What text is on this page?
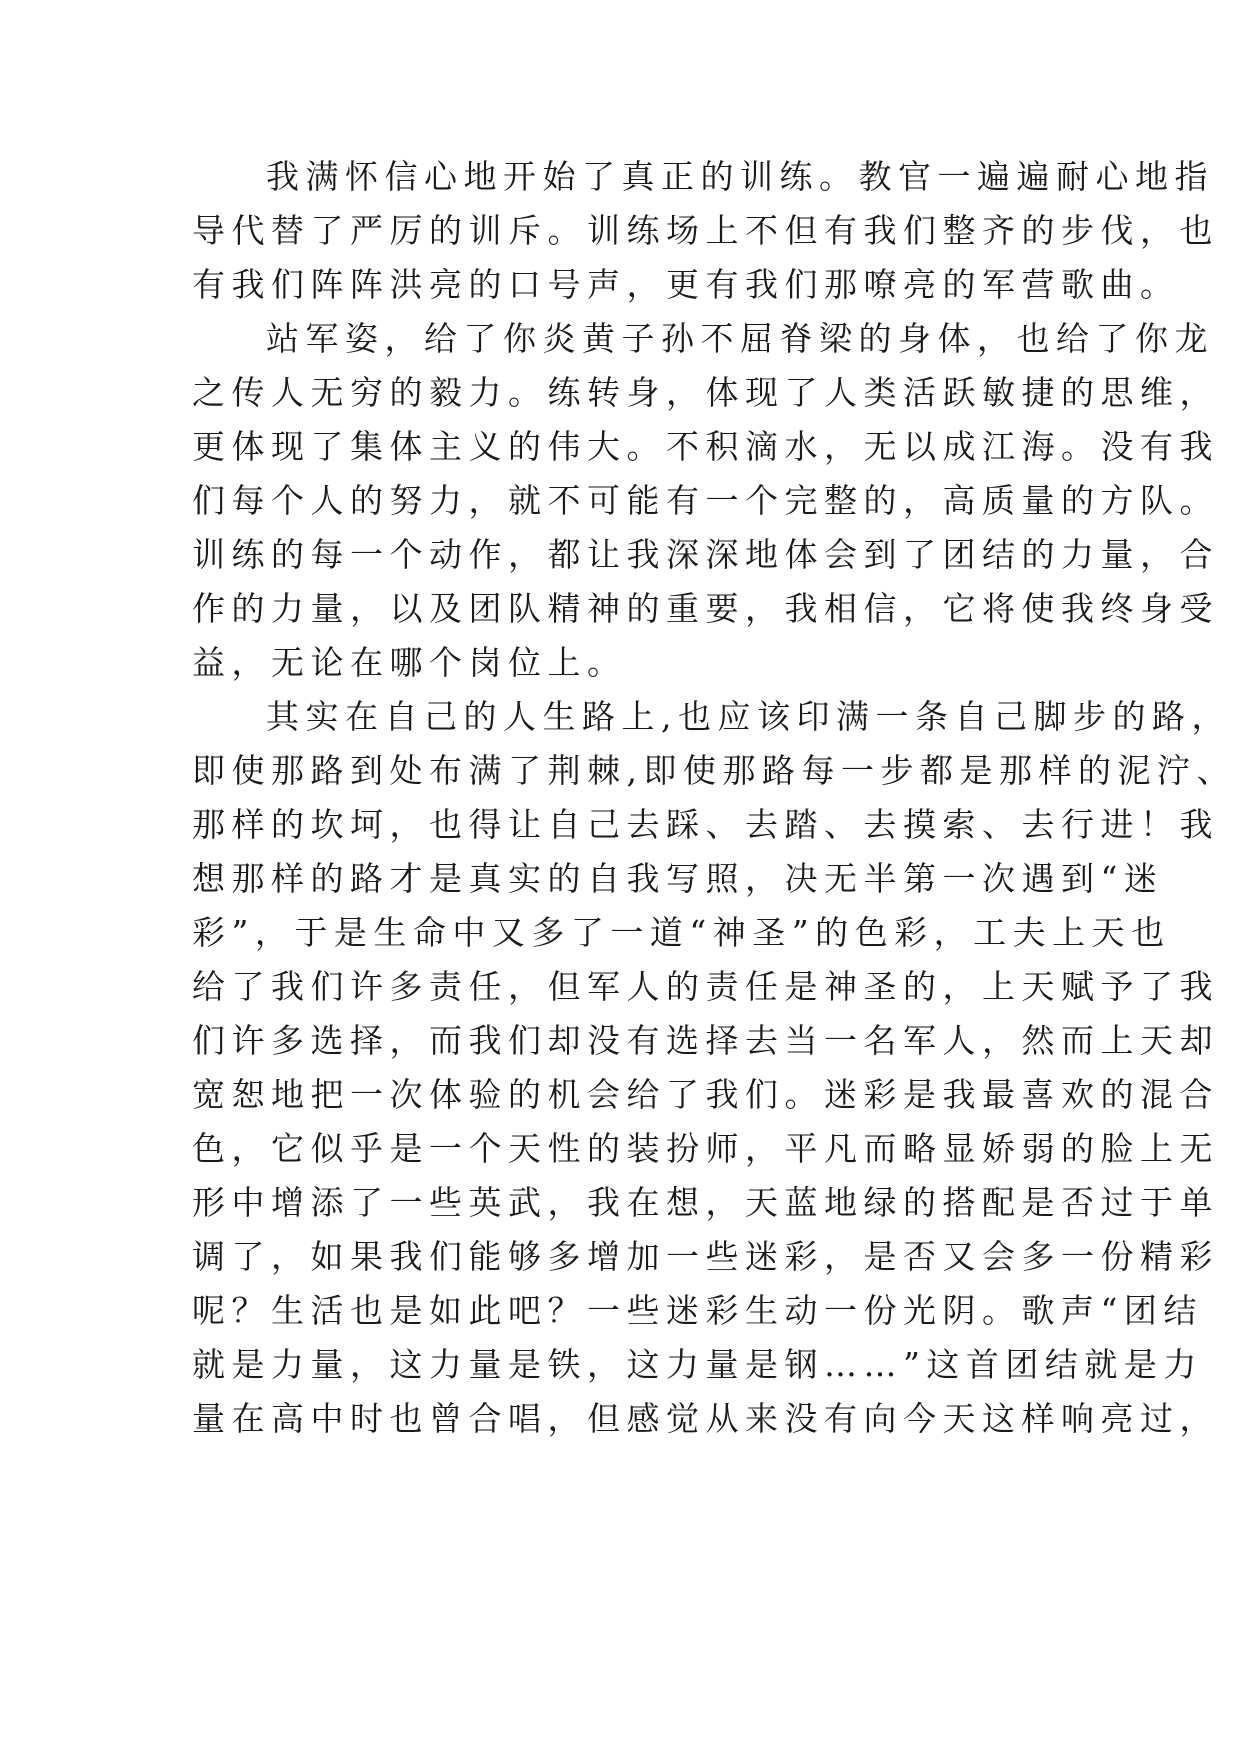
我满怀信心地开始了真正的训练。教官一遍遍耐心地指
导代替了严厉的训斥。训练场上不但有我们整齐的步伐，也
有我们阵阵洪亮的口号声，更有我们那嘹亮的军营歌曲。
站军姿，给了你炎黄子孙不屈脊梁的身体，也给了你龙
之传人无穷的毅力。练转身，体现了人类活跃敏捷的思维，
更体现了集体主义的伟大。不积滴水，无以成江海。没有我
们每个人的努力，就不可能有一个完整的，高质量的方队。
训练的每一个动作，都让我深深地体会到了团结的力量，合
作的力量，以及团队精神的重要，我相信，它将使我终身受
益，无论在哪个岗位上。
其实在自己的人生路上,也应该印满一条自己脚步的路，
即使那路到处布满了荆棘,即使那路每一步都是那样的泥泞、
那样的坎坷，也得让自己去踩、去踏、去摸索、去行进！我
想那样的路才是真实的自我写照，决无半第一次遇到“迷
彩”，于是生命中又多了一道“神圣”的色彩，工夫上天也
给了我们许多责任，但军人的责任是神圣的，上天赋予了我
们许多选择，而我们却没有选择去当一名军人，然而上天却
宽恕地把一次体验的机会给了我们。迷彩是我最喜欢的混合
色，它似乎是一个天性的装扮师，平凡而略显娇弱的脸上无
形中增添了一些英武，我在想，天蓝地绿的搭配是否过于单
调了，如果我们能够多增加一些迷彩，是否又会多一份精彩
呢？生活也是如此吧？一些迷彩生动一份光阴。歌声“团结
就是力量，这力量是铁，这力量是钢……”这首团结就是力
量在高中时也曾合唱，但感觉从来没有向今天这样响亮过，
